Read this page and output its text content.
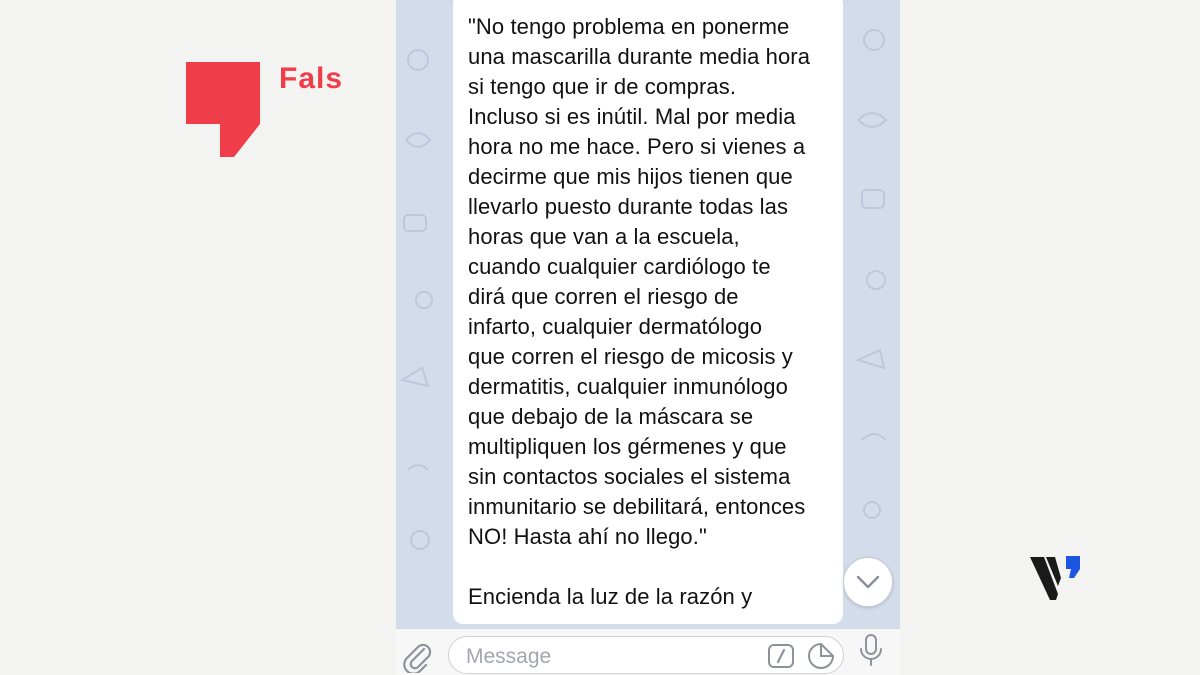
Fals

"No tengo problema en ponerme
una mascarilla durante media hora
si tengo que ir de compras.
Incluso si es inútil. Mal por media
hora no me hace. Pero si vienes a
decirme que mis hijos tienen que
llevarlo puesto durante todas las
horas que van a la escuela,
cuando cualquier cardiólogo te
dirá que corren el riesgo de
infarto, cualquier dermatólogo
que corren el riesgo de micosis y
dermatitis, cualquier inmunólogo
que debajo de la máscara se
multipliquen los gérmenes y que
sin contactos sociales el sistema
inmunitario se debilitará, entonces
NO! Hasta ahí no llego."

Encienda la luz de la razón y

Message
